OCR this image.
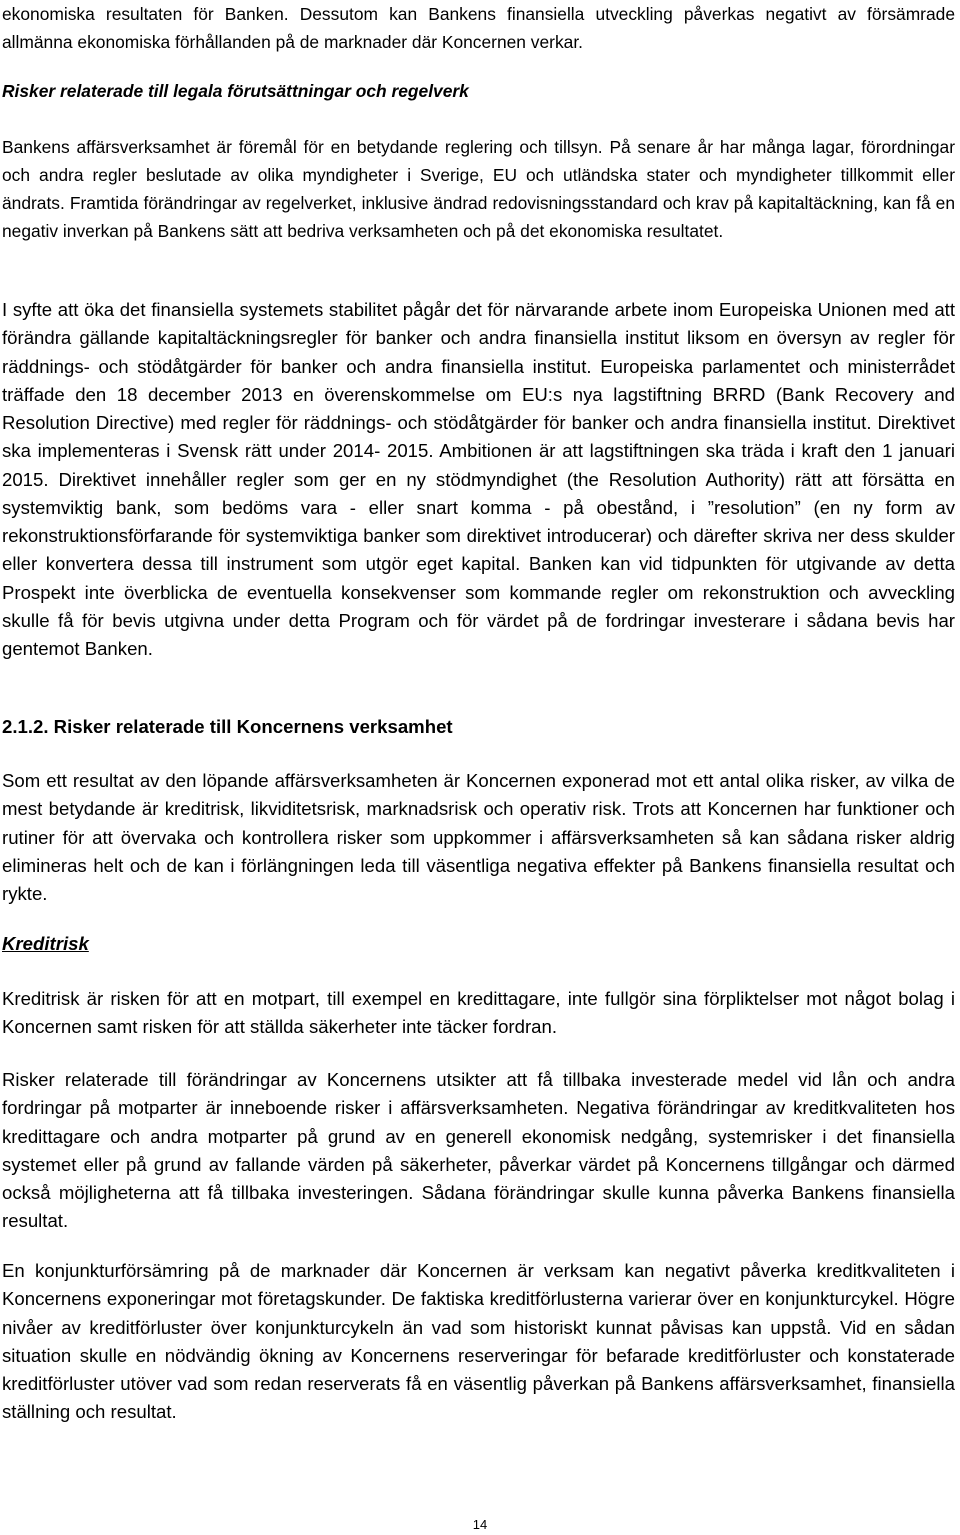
ekonomiska resultaten för Banken. Dessutom kan Bankens finansiella utveckling påverkas negativt av försämrade allmänna ekonomiska förhållanden på de marknader där Koncernen verkar.

Risker relaterade till legala förutsättningar och regelverk

Bankens affärsverksamhet är föremål för en betydande reglering och tillsyn. På senare år har många lagar, förordningar och andra regler beslutade av olika myndigheter i Sverige, EU och utländska stater och myndigheter tillkommit eller ändrats. Framtida förändringar av regelverket, inklusive ändrad redovisningsstandard och krav på kapitaltäckning, kan få en negativ inverkan på Bankens sätt att bedriva verksamheten och på det ekonomiska resultatet.

I syfte att öka det finansiella systemets stabilitet pågår det för närvarande arbete inom Europeiska Unionen med att förändra gällande kapitaltäckningsregler för banker och andra finansiella institut liksom en översyn av regler för räddnings- och stödåtgärder för banker och andra finansiella institut. Europeiska parlamentet och ministerrådet träffade den 18 december 2013 en överenskommelse om EU:s nya lagstiftning BRRD (Bank Recovery and Resolution Directive) med regler för räddnings- och stödåtgärder för banker och andra finansiella institut. Direktivet ska implementeras i Svensk rätt under 2014- 2015. Ambitionen är att lagstiftningen ska träda i kraft den 1 januari 2015. Direktivet innehåller regler som ger en ny stödmyndighet (the Resolution Authority) rätt att försätta en systemviktig bank, som bedöms vara - eller snart komma - på obestånd, i ”resolution” (en ny form av rekonstruktionsförfarande för systemviktiga banker som direktivet introducerar) och därefter skriva ner dess skulder eller konvertera dessa till instrument som utgör eget kapital. Banken kan vid tidpunkten för utgivande av detta Prospekt inte överblicka de eventuella konsekvenser som kommande regler om rekonstruktion och avveckling skulle få för bevis utgivna under detta Program och för värdet på de fordringar investerare i sådana bevis har gentemot Banken.

2.1.2. Risker relaterade till Koncernens verksamhet

Som ett resultat av den löpande affärsverksamheten är Koncernen exponerad mot ett antal olika risker, av vilka de mest betydande är kreditrisk, likviditetsrisk, marknadsrisk och operativ risk. Trots att Koncernen har funktioner och rutiner för att övervaka och kontrollera risker som uppkommer i affärsverksamheten så kan sådana risker aldrig elimineras helt och de kan i förlängningen leda till väsentliga negativa effekter på Bankens finansiella resultat och rykte.

Kreditrisk

Kreditrisk är risken för att en motpart, till exempel en kredittagare, inte fullgör sina förpliktelser mot något bolag i Koncernen samt risken för att ställda säkerheter inte täcker fordran.

Risker relaterade till förändringar av Koncernens utsikter att få tillbaka investerade medel vid lån och andra fordringar på motparter är inneboende risker i affärsverksamheten. Negativa förändringar av kreditkvaliteten hos kredittagare och andra motparter på grund av en generell ekonomisk nedgång, systemrisker i det finansiella systemet eller på grund av fallande värden på säkerheter, påverkar värdet på Koncernens tillgångar och därmed också möjligheterna att få tillbaka investeringen. Sådana förändringar skulle kunna påverka Bankens finansiella resultat.

En konjunkturförsämring på de marknader där Koncernen är verksam kan negativt påverka kreditkvaliteten i Koncernens exponeringar mot företagskunder. De faktiska kreditförlusterna varierar över en konjunkturcykel. Högre nivåer av kreditförluster över konjunkturcykeln än vad som historiskt kunnat påvisas kan uppstå. Vid en sådan situation skulle en nödvändig ökning av Koncernens reserveringar för befarade kreditförluster och konstaterade kreditförluster utöver vad som redan reserverats få en väsentlig påverkan på Bankens affärsverksamhet, finansiella ställning och resultat.

14
